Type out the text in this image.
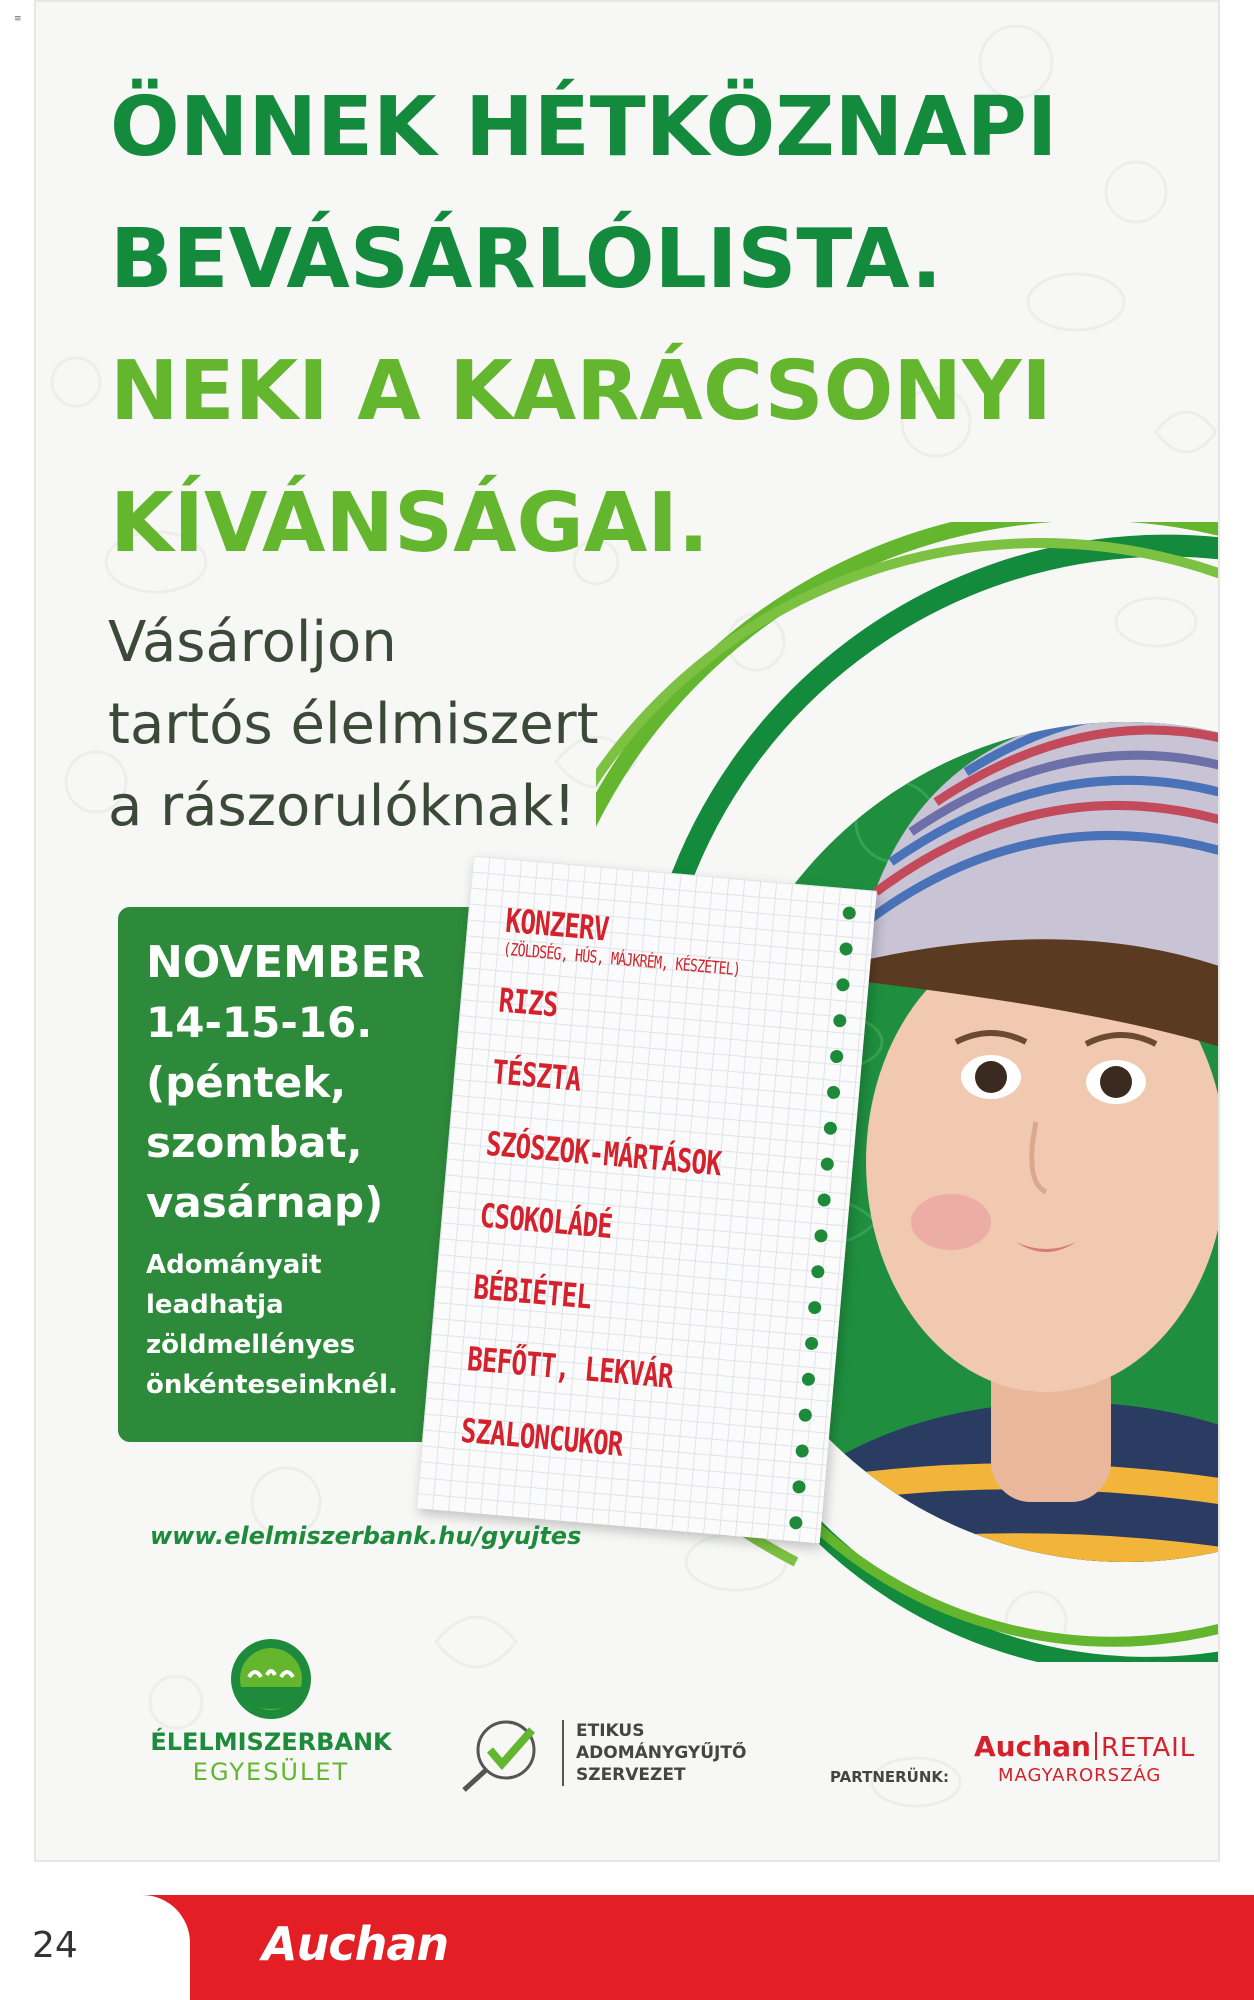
≡
ÖNNEK HÉTKÖZNAPI
BEVÁSÁRLÓLISTA.
NEKI A KARÁCSONYI
KÍVÁNSÁGAI.
Vásároljon
tartós élelmiszert
a rászorulóknak!
NOVEMBER
14-15-16.
(péntek,
szombat,
vasárnap)
Adományait
leadhatja
zöldmellényes
önkénteseinknél.
KONZERV
(ZÖLDSÉG, HÚS, MÁJKRÉM, KÉSZÉTEL)
RIZS
TÉSZTA
SZÓSZOK-MÁRTÁSOK
CSOKOLÁDÉ
BÉBIÉTEL
BEFŐTT, LEKVÁR
SZALONCUKOR
www.elelmiszerbank.hu/gyujtes
ÉLELMISZERBANK
EGYESÜLET
ETIKUS
ADOMÁNYGYŰJTŐ
SZERVEZET	PARTNERÜNK:
Auchan RETAIL
MAGYARORSZÁG
24	Auchan
